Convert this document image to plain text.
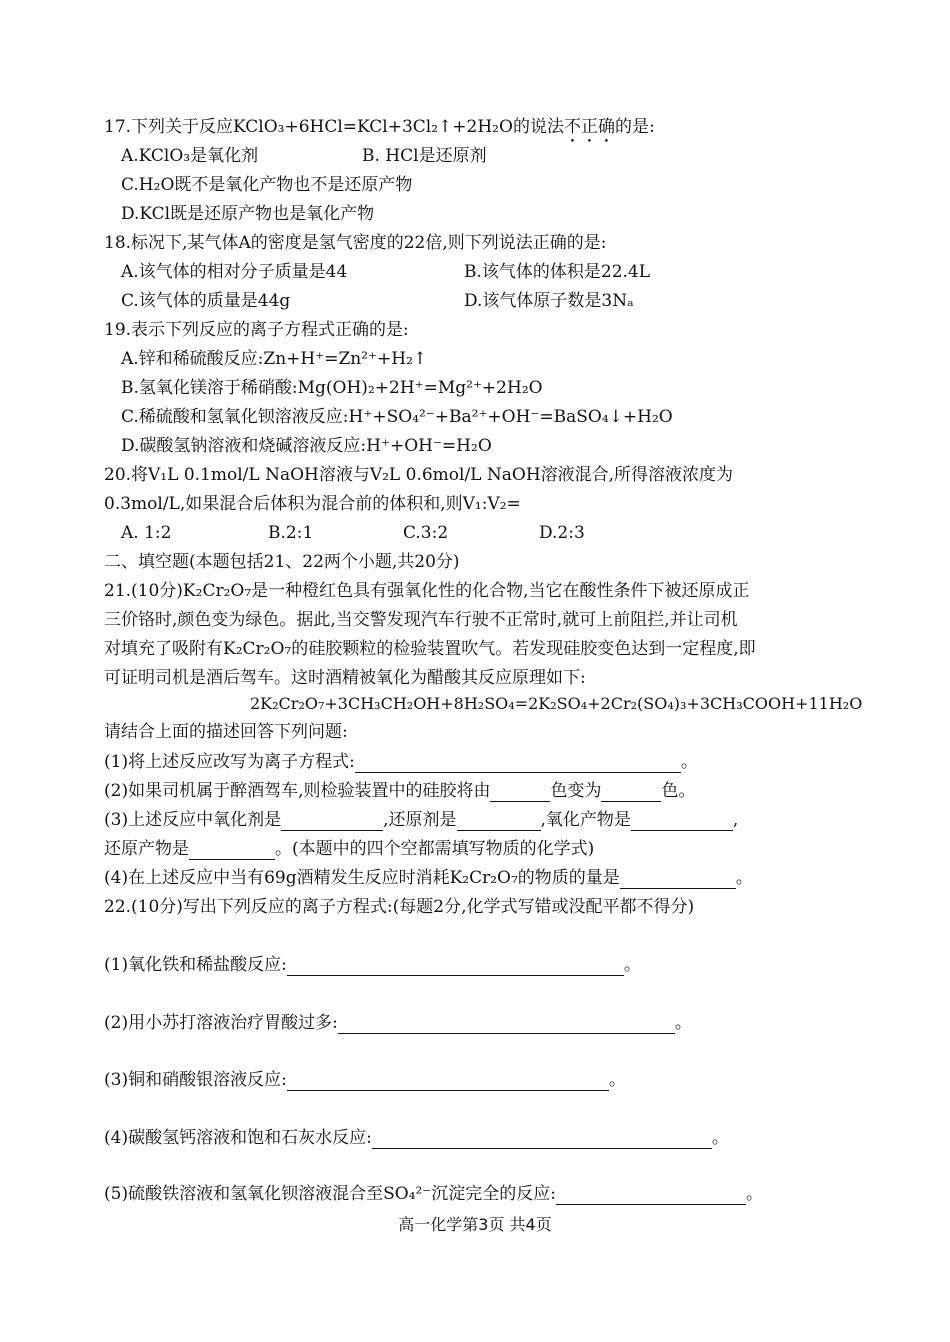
17.下列关于反应KClO₃+6HCl=KCl+3Cl₂↑+2H₂O的说法不正确的是:
A.KClO₃是氧化剂	B. HCl是还原剂
C.H₂O既不是氧化产物也不是还原产物
D.KCl既是还原产物也是氧化产物
18.标况下,某气体A的密度是氢气密度的22倍,则下列说法正确的是:
A.该气体的相对分子质量是44	B.该气体的体积是22.4L
C.该气体的质量是44g	D.该气体原子数是3Nₐ
19.表示下列反应的离子方程式正确的是:
A.锌和稀硫酸反应:Zn+H⁺=Zn²⁺+H₂↑
B.氢氧化镁溶于稀硝酸:Mg(OH)₂+2H⁺=Mg²⁺+2H₂O
C.稀硫酸和氢氧化钡溶液反应:H⁺+SO₄²⁻+Ba²⁺+OH⁻=BaSO₄↓+H₂O
D.碳酸氢钠溶液和烧碱溶液反应:H⁺+OH⁻=H₂O
20.将V₁L 0.1mol/L NaOH溶液与V₂L 0.6mol/L NaOH溶液混合,所得溶液浓度为
0.3mol/L,如果混合后体积为混合前的体积和,则V₁:V₂=
A. 1:2	B.2:1	C.3:2	D.2:3
二、填空题(本题包括21、22两个小题,共20分)
21.(10分)K₂Cr₂O₇是一种橙红色具有强氧化性的化合物,当它在酸性条件下被还原成正
三价铬时,颜色变为绿色。据此,当交警发现汽车行驶不正常时,就可上前阻拦,并让司机
对填充了吸附有K₂Cr₂O₇的硅胶颗粒的检验装置吹气。若发现硅胶变色达到一定程度,即
可证明司机是酒后驾车。这时酒精被氧化为醋酸其反应原理如下:
2K₂Cr₂O₇+3CH₃CH₂OH+8H₂SO₄=2K₂SO₄+2Cr₂(SO₄)₃+3CH₃COOH+11H₂O
请结合上面的描述回答下列问题:
(1)将上述反应改写为离子方程式:	。
(2)如果司机属于醉酒驾车,则检验装置中的硅胶将由	色变为	色。
(3)上述反应中氧化剂是	,还原剂是	,氧化产物是	,
还原产物是	。(本题中的四个空都需填写物质的化学式)
(4)在上述反应中当有69g酒精发生反应时消耗K₂Cr₂O₇的物质的量是	。
22.(10分)写出下列反应的离子方程式:(每题2分,化学式写错或没配平都不得分)
(1)氧化铁和稀盐酸反应:	。
(2)用小苏打溶液治疗胃酸过多:	。
(3)铜和硝酸银溶液反应:	。
(4)碳酸氢钙溶液和饱和石灰水反应:	。
(5)硫酸铁溶液和氢氧化钡溶液混合至SO₄²⁻沉淀完全的反应:	。
高一化学第3页 共4页
